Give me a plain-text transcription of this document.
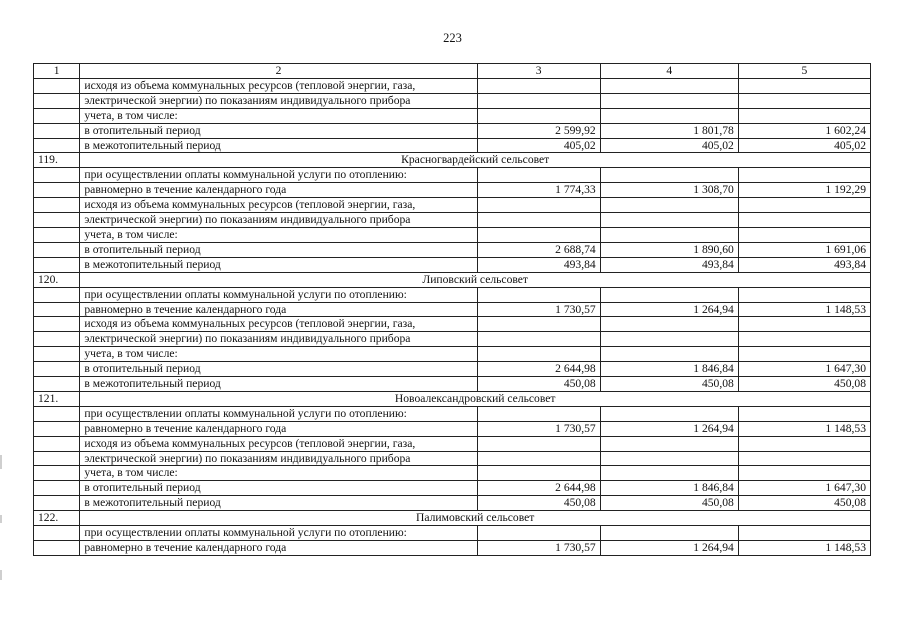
223
1	2	3	4	5
	исходя из объема коммунальных ресурсов (тепловой энергии, газа,			
	электрической энергии) по показаниям индивидуального прибора			
	учета, в том числе:			
	в отопительный период	2 599,92	1 801,78	1 602,24
	в межотопительный период	405,02	405,02	405,02
119.	Красногвардейский сельсовет			
	при осуществлении оплаты коммунальной услуги по отоплению:			
	равномерно в течение календарного года	1 774,33	1 308,70	1 192,29
	исходя из объема коммунальных ресурсов (тепловой энергии, газа,			
	электрической энергии) по показаниям индивидуального прибора			
	учета, в том числе:			
	в отопительный период	2 688,74	1 890,60	1 691,06
	в межотопительный период	493,84	493,84	493,84
120.	Липовский сельсовет			
	при осуществлении оплаты коммунальной услуги по отоплению:			
	равномерно в течение календарного года	1 730,57	1 264,94	1 148,53
	исходя из объема коммунальных ресурсов (тепловой энергии, газа,			
	электрической энергии) по показаниям индивидуального прибора			
	учета, в том числе:			
	в отопительный период	2 644,98	1 846,84	1 647,30
	в межотопительный период	450,08	450,08	450,08
121.	Новоалександровский сельсовет			
	при осуществлении оплаты коммунальной услуги по отоплению:			
	равномерно в течение календарного года	1 730,57	1 264,94	1 148,53
	исходя из объема коммунальных ресурсов (тепловой энергии, газа,			
	электрической энергии) по показаниям индивидуального прибора			
	учета, в том числе:			
	в отопительный период	2 644,98	1 846,84	1 647,30
	в межотопительный период	450,08	450,08	450,08
122.	Палимовский сельсовет			
	при осуществлении оплаты коммунальной услуги по отоплению:			
	равномерно в течение календарного года	1 730,57	1 264,94	1 148,53
